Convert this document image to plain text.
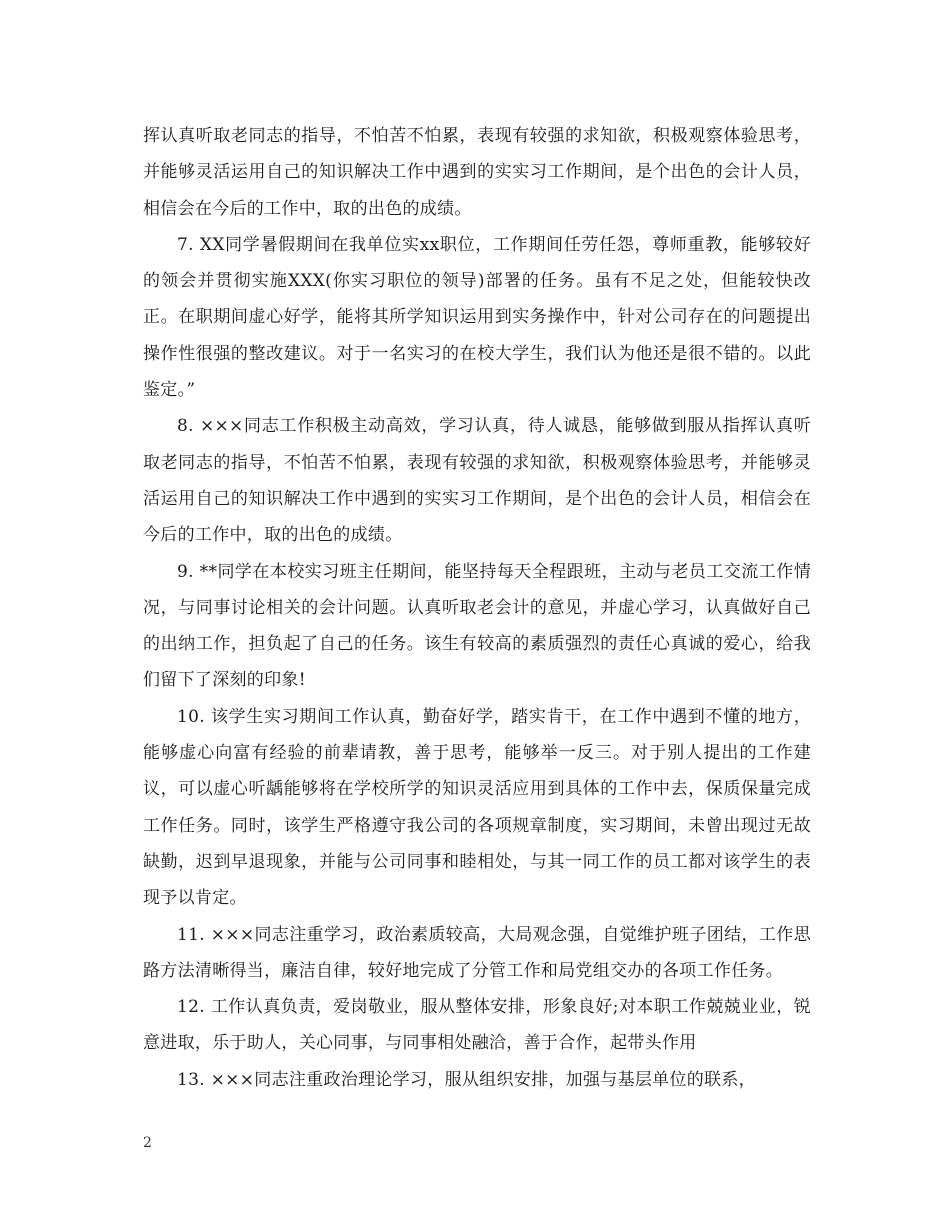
挥认真听取老同志的指导，不怕苦不怕累，表现有较强的求知欲，积极观察体验思考，并能够灵活运用自己的知识解决工作中遇到的实实习工作期间，是个出色的会计人员，相信会在今后的工作中，取的出色的成绩。

7. XX同学暑假期间在我单位实xx职位，工作期间任劳任怨，尊师重教，能够较好的领会并贯彻实施XXX(你实习职位的领导)部署的任务。虽有不足之处，但能较快改正。在职期间虚心好学，能将其所学知识运用到实务操作中，针对公司存在的问题提出操作性很强的整改建议。对于一名实习的在校大学生，我们认为他还是很不错的。以此鉴定。”

8. ×××同志工作积极主动高效，学习认真，待人诚恳，能够做到服从指挥认真听取老同志的指导，不怕苦不怕累，表现有较强的求知欲，积极观察体验思考，并能够灵活运用自己的知识解决工作中遇到的实实习工作期间，是个出色的会计人员，相信会在今后的工作中，取的出色的成绩。

9. **同学在本校实习班主任期间，能坚持每天全程跟班，主动与老员工交流工作情况，与同事讨论相关的会计问题。认真听取老会计的意见，并虚心学习，认真做好自己的出纳工作，担负起了自己的任务。该生有较高的素质强烈的责任心真诚的爱心，给我们留下了深刻的印象!

10. 该学生实习期间工作认真，勤奋好学，踏实肯干，在工作中遇到不懂的地方，能够虚心向富有经验的前辈请教，善于思考，能够举一反三。对于别人提出的工作建议，可以虚心听龋能够将在学校所学的知识灵活应用到具体的工作中去，保质保量完成工作任务。同时，该学生严格遵守我公司的各项规章制度，实习期间，未曾出现过无故缺勤，迟到早退现象，并能与公司同事和睦相处，与其一同工作的员工都对该学生的表现予以肯定。

11. ×××同志注重学习，政治素质较高，大局观念强，自觉维护班子团结，工作思路方法清晰得当，廉洁自律，较好地完成了分管工作和局党组交办的各项工作任务。

12. 工作认真负责，爱岗敬业，服从整体安排，形象良好;对本职工作兢兢业业，锐意进取，乐于助人，关心同事，与同事相处融洽，善于合作，起带头作用

13. ×××同志注重政治理论学习，服从组织安排，加强与基层单位的联系，

2
